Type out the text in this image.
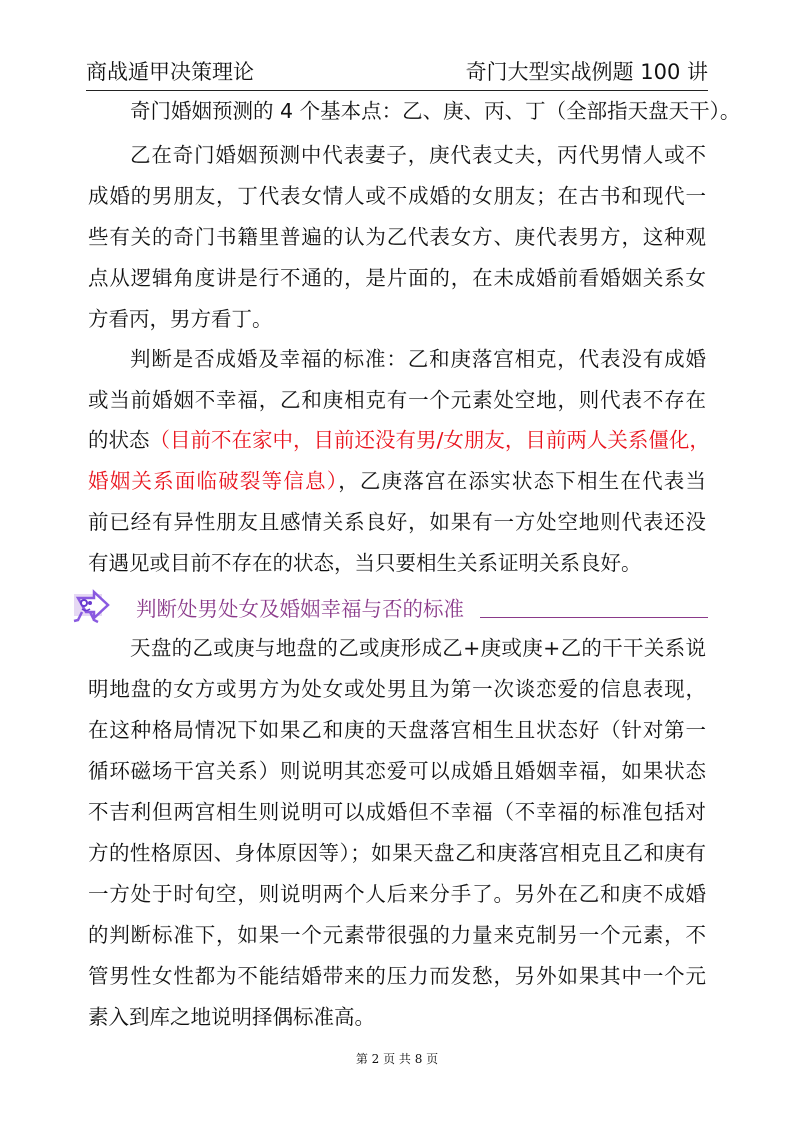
商战遁甲决策理论	奇门大型实战例题 100 讲
奇门婚姻预测的 4 个基本点：乙、庚、丙、丁（全部指天盘天干）。
乙在奇门婚姻预测中代表妻子，庚代表丈夫，丙代男情人或不
成婚的男朋友，丁代表女情人或不成婚的女朋友；在古书和现代一
些有关的奇门书籍里普遍的认为乙代表女方、庚代表男方，这种观
点从逻辑角度讲是行不通的，是片面的，在未成婚前看婚姻关系女
方看丙，男方看丁。
判断是否成婚及幸福的标准：乙和庚落宫相克，代表没有成婚
或当前婚姻不幸福，乙和庚相克有一个元素处空地，则代表不存在
的状态（目前不在家中，目前还没有男/女朋友，目前两人关系僵化，
婚姻关系面临破裂等信息），乙庚落宫在添实状态下相生在代表当
前已经有异性朋友且感情关系良好，如果有一方处空地则代表还没
有遇见或目前不存在的状态，当只要相生关系证明关系良好。
天盘的乙或庚与地盘的乙或庚形成乙+庚或庚+乙的干干关系说
明地盘的女方或男方为处女或处男且为第一次谈恋爱的信息表现，
在这种格局情况下如果乙和庚的天盘落宫相生且状态好（针对第一
循环磁场干宫关系）则说明其恋爱可以成婚且婚姻幸福，如果状态
不吉利但两宫相生则说明可以成婚但不幸福（不幸福的标准包括对
方的性格原因、身体原因等）；如果天盘乙和庚落宫相克且乙和庚有
一方处于时旬空，则说明两个人后来分手了。另外在乙和庚不成婚
的判断标准下，如果一个元素带很强的力量来克制另一个元素，不
管男性女性都为不能结婚带来的压力而发愁，另外如果其中一个元
素入到库之地说明择偶标准高。
判断处男处女及婚姻幸福与否的标准
第 2 页 共 8 页
